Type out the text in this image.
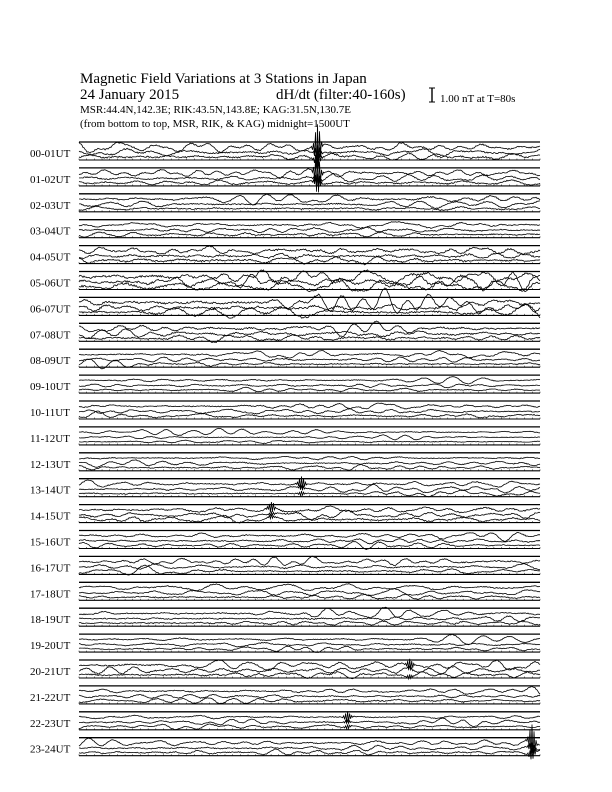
00-01UT
01-02UT
02-03UT
03-04UT
04-05UT
05-06UT
06-07UT
07-08UT
08-09UT
09-10UT
10-11UT
11-12UT
12-13UT
13-14UT
14-15UT
15-16UT
16-17UT
17-18UT
18-19UT
19-20UT
20-21UT
21-22UT
22-23UT
23-24UT
Magnetic Field Variations at 3 Stations in Japan
24 January 2015	dH/dt (filter:40-160s)
MSR:44.4N,142.3E; RIK:43.5N,143.8E; KAG:31.5N,130.7E
(from bottom to top, MSR, RIK, & KAG) midnight=1500UT
1.00 nT at T=80s
